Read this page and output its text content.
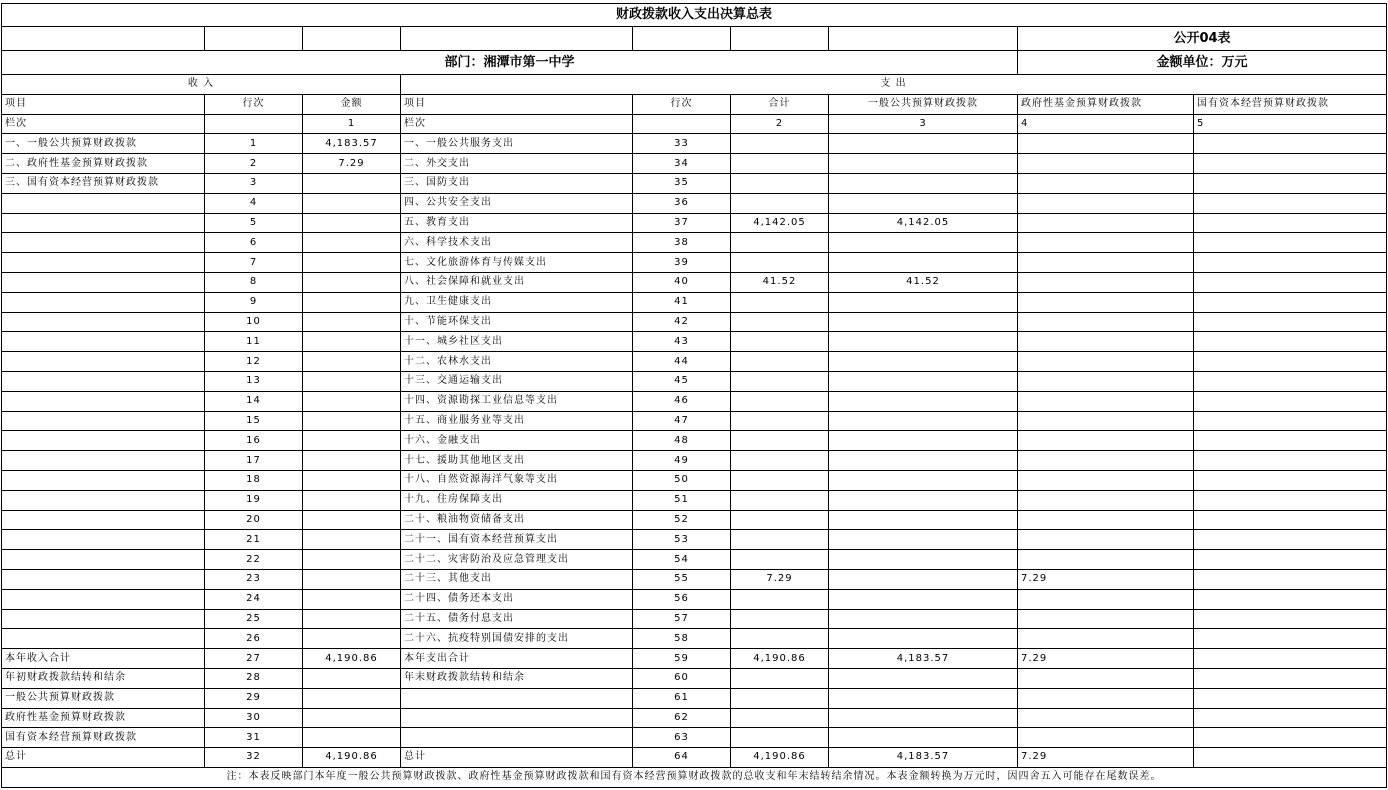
财政拨款收入支出决算总表								
							公开04表	
部门：湘潭市第一中学							金额单位：万元	
收 入			支 出					
项目	行次	金额	项目	行次	合计	一般公共预算财政拨款	政府性基金预算财政拨款	国有资本经营预算财政拨款
栏次		1	栏次		2	3	4	5
一、一般公共预算财政拨款	1	4,183.57	一、一般公共服务支出	33				
二、政府性基金预算财政拨款	2	7.29	二、外交支出	34				
三、国有资本经营预算财政拨款	3		三、国防支出	35				
	4		四、公共安全支出	36				
	5		五、教育支出	37	4,142.05	4,142.05		
	6		六、科学技术支出	38				
	7		七、文化旅游体育与传媒支出	39				
	8		八、社会保障和就业支出	40	41.52	41.52		
	9		九、卫生健康支出	41				
	10		十、节能环保支出	42				
	11		十一、城乡社区支出	43				
	12		十二、农林水支出	44				
	13		十三、交通运输支出	45				
	14		十四、资源勘探工业信息等支出	46				
	15		十五、商业服务业等支出	47				
	16		十六、金融支出	48				
	17		十七、援助其他地区支出	49				
	18		十八、自然资源海洋气象等支出	50				
	19		十九、住房保障支出	51				
	20		二十、粮油物资储备支出	52				
	21		二十一、国有资本经营预算支出	53				
	22		二十二、灾害防治及应急管理支出	54				
	23		二十三、其他支出	55	7.29		7.29	
	24		二十四、债务还本支出	56				
	25		二十五、债务付息支出	57				
	26		二十六、抗疫特别国债安排的支出	58				
本年收入合计	27	4,190.86	本年支出合计	59	4,190.86	4,183.57	7.29	
年初财政拨款结转和结余	28		年末财政拨款结转和结余	60				
一般公共预算财政拨款	29			61				
政府性基金预算财政拨款	30			62				
国有资本经营预算财政拨款	31			63				
总计	32	4,190.86	总计	64	4,190.86	4,183.57	7.29	
注：本表反映部门本年度一般公共预算财政拨款、政府性基金预算财政拨款和国有资本经营预算财政拨款的总收支和年末结转结余情况。本表金额转换为万元时，因四舍五入可能存在尾数误差。								
